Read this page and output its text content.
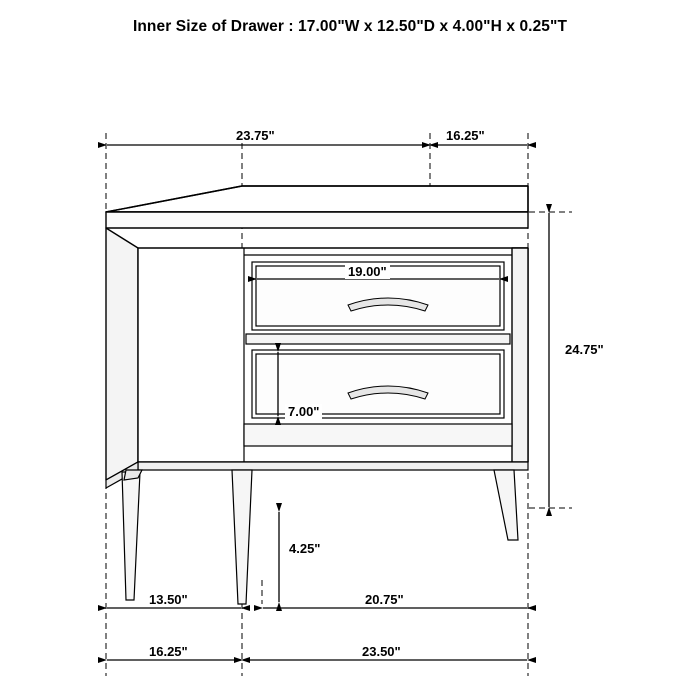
Inner Size of Drawer : 17.00"W x 12.50"D x 4.00"H x 0.25"T
23.75"	16.25"
19.00"
7.00"
24.75"
4.25"
13.50"	20.75"
16.25"	23.50"
